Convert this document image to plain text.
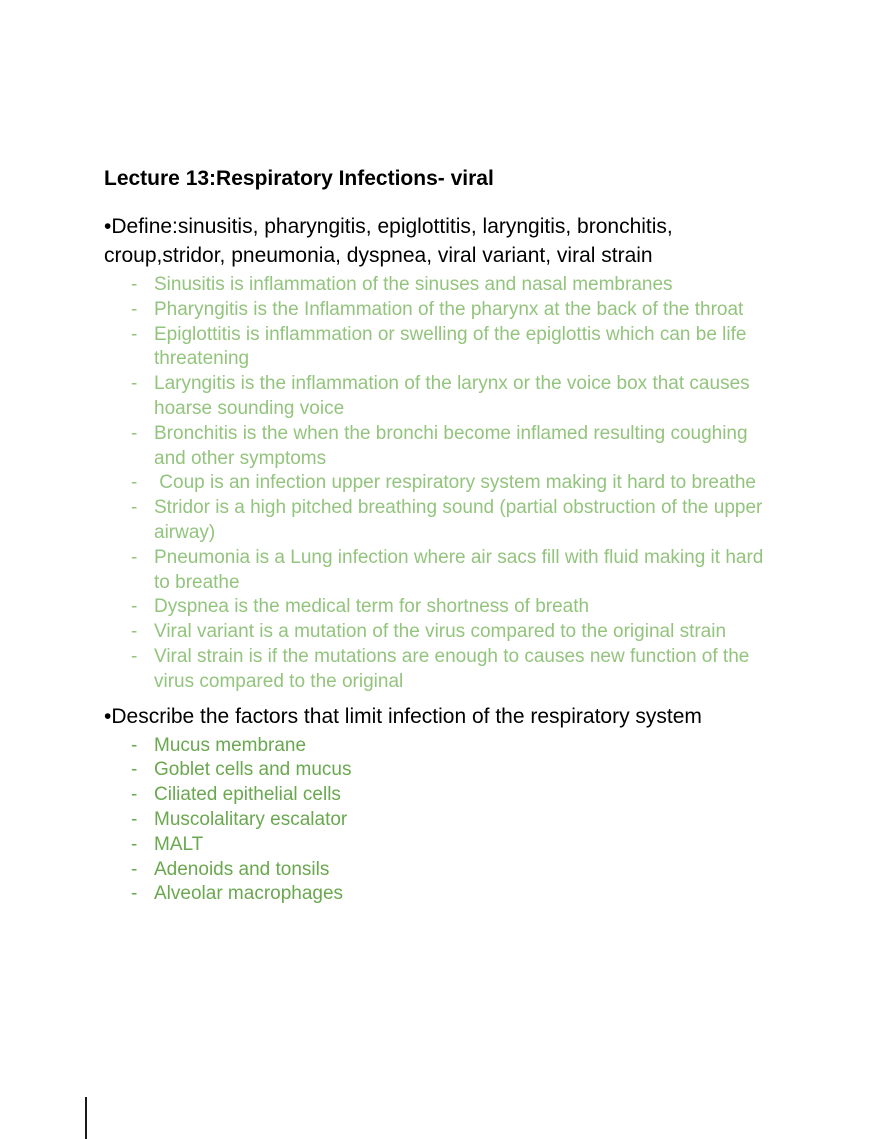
Lecture 13:Respiratory Infections- viral

•Define:sinusitis, pharyngitis, epiglottitis, laryngitis, bronchitis, croup,stridor, pneumonia, dyspnea, viral variant, viral strain

- Sinusitis is inflammation of the sinuses and nasal membranes
- Pharyngitis is the Inflammation of the pharynx at the back of the throat
- Epiglottitis is inflammation or swelling of the epiglottis which can be life threatening
- Laryngitis is the inflammation of the larynx or the voice box that causes hoarse sounding voice
- Bronchitis is the when the bronchi become inflamed resulting coughing and other symptoms
- Coup is an infection upper respiratory system making it hard to breathe
- Stridor is a high pitched breathing sound (partial obstruction of the upper airway)
- Pneumonia is a Lung infection where air sacs fill with fluid making it hard to breathe
- Dyspnea is the medical term for shortness of breath
- Viral variant is a mutation of the virus compared to the original strain
- Viral strain is if the mutations are enough to causes new function of the virus compared to the original

•Describe the factors that limit infection of the respiratory system

- Mucus membrane
- Goblet cells and mucus
- Ciliated epithelial cells
- Muscolalitary escalator
- MALT
- Adenoids and tonsils
- Alveolar macrophages
